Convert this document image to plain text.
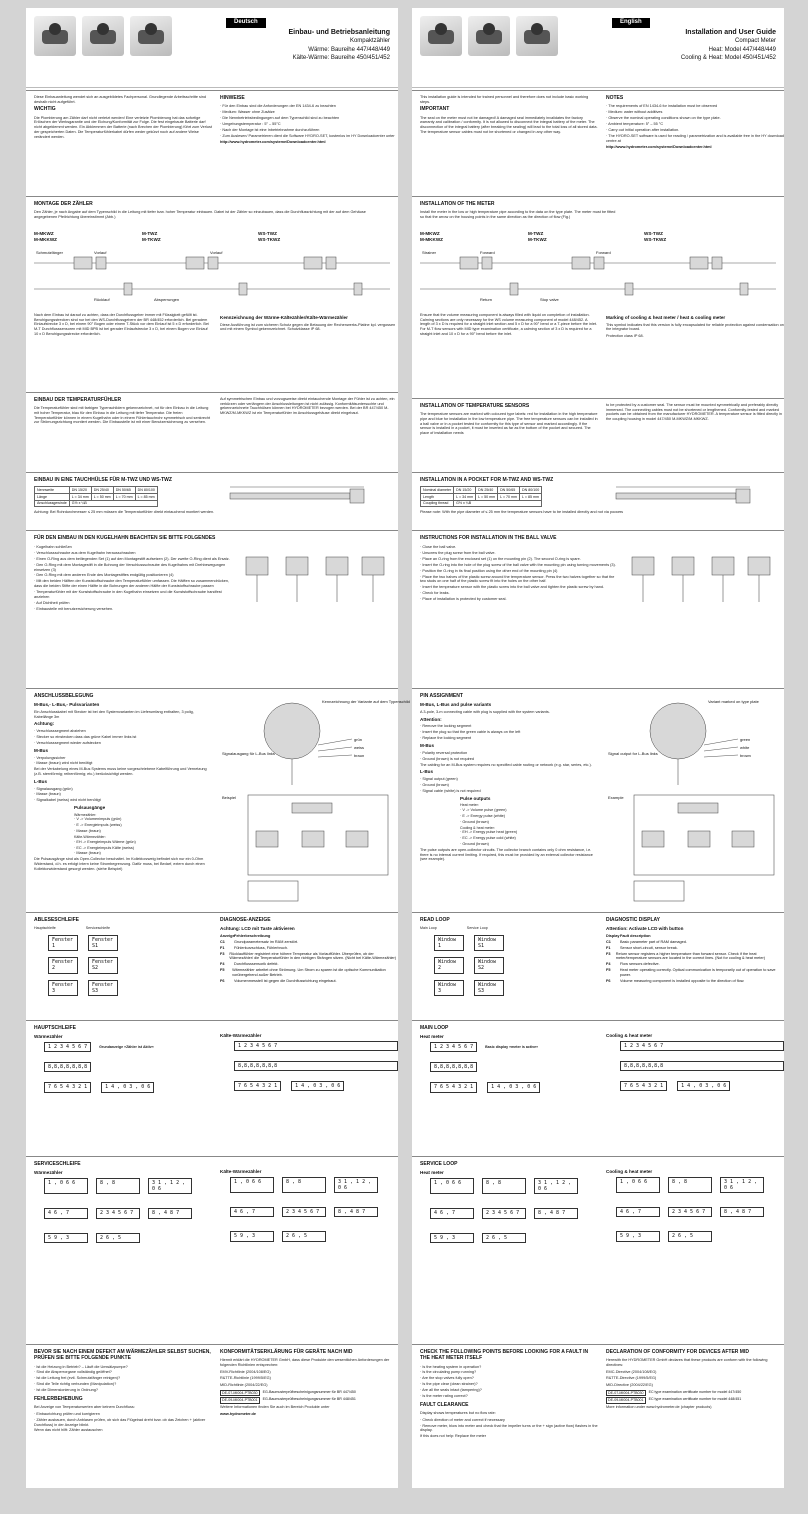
Deutsch
Einbau- und Betriebsanleitung
Kompaktzähler
Wärme: Baureihe 447/448/449
Kälte-Wärme: Baureihe 450/451/452
Diese Einbauanleitung wendet sich an ausgebildetes Fachpersonal. Grundlegende Arbeitsschritte sind deshalb nicht aufgeführt.
WICHTIG
Die Plombierung am Zähler darf nicht verletzt werden! Eine verletzte Plombierung hat das sofortige Erlöschen der Werksgarantie und der Eichung/Konformität zur Folge. Die fest eingebaute Batterie darf nicht abgeklemmt werden. Ein Abklemmen der Batterie (nach Brechen der Plombierung) führt zum Verlust der gespeicherten Daten. Die Temperaturfühlerkabel dürfen weder gekürzt noch auf andere Weise verändert werden.
HINWEISE
· Für den Einbau sind die Anforderungen der EN 1434-6 zu beachten
· Medium: Wasser ohne Zusätze
· Die Nennbetriebsbedingungen auf dem Typenschild sind zu beachten
· Umgebungstemperatur : 5° – 55°C
· Nach der Montage ist eine Inbetriebnahme durchzuführen
· Zum Auslesen/ Parametrieren dient die Software HYDRO-SET, kostenlos im HY Downloadcenter unter
http://www.hydrometer.com/systeme/Downloadcenter.html
MONTAGE DER ZÄHLER
Den Zähler, je nach Angabe auf dem Typenschild in die Leitung mit tiefer bzw. hoher Temperatur einbauen. Dabei ist der Zähler so einzubauen, dass die Durchflussrichtung mit der auf dem Gehäuse angegebenen Pfeilrichtung übereinstimmt (Abb.)
M-MKWZ
M-MKKWZ
M-TWZ
M-TKWZ
WS-TWZ
WS-TKWZ
Vorlauf	Vorlauf
Rücklauf	Absperrungen
Schmutzfänger
Nach dem Einbau ist darauf zu achten, dass der Durchflussgeber immer mit Flüssigkeit gefüllt ist. Beruhigungsstrecken sind nur bei den WS-Durchflussgebern der BR 448/452 erforderlich. Bei geradem Einlaufstrecke 3 x D, bei einem 90° Bogen oder einem T-Stück vor dem Einlauf ist 5 x D erforderlich. Bei M-T Durchflusssensoren mit MID BPB ist bei gerader Einlaufstrecke 3 x D, bei einem Bogen vor Einlauf 10 x D Beruhigungsstrecke erforderlich.
Kennzeichnung der Wärme-Kältezähler/Kälte-Wärmezähler
Diese Ausführung ist zum sicheren Schutz gegen die Betauung der Rechenwerks-Platine kpl. vergossen und mit einem Symbol gekennzeichnet. Schutzklasse IP 68.
EINBAU DER TEMPERATURFÜHLER
Die Temperaturfühler sind mit farbigen Typenschildern gekennzeichnet, rot für den Einbau in die Leitung mit hoher Temperatur, blau für den Einbau in die Leitung mit tiefer Temperatur. Die freien Temperaturfühler können in einem Kugelhahn oder in einem Fühlertauchrohr symmetrisch und senkrecht zur Strömungsrichtung montiert werden. Die Einbaustelle ist mit einer Benutzersicherung zu versehen.
Auf symmetrischen Einbau und vorzugsweise direkt eintauchende Montage der Fühler ist zu achten, ein verkürzen oder verlängern der Anschlussleitungen ist nicht zulässig. Konformitätsuntersuchte und gekennzeichnete Tauchhülsen können bei HYDROMETER bezogen werden. Bei der BR 447/450 M-MKWZ/M-MKKWZ ist ein Temperaturfühler im Anschlussgehäuse direkt eingebaut.
EINBAU IN EINE TAUCHHÜLSE FÜR M-TWZ UND WS-TWZ
Nennweite	DN 15/20	DN 25/40	DN 50/65	DN 80/100
Länge	L = 34 mm	L = 50 mm	L = 70 mm	L = 85 mm
Anschlussgewinde	G½ x ¼B			
Achtung: Bei Rohrdurchmesser ≤ 25 mm müssen die Temperaturfühler direkt eintauchend montiert werden.
FÜR DEN EINBAU IN DEN KUGELHAHN BEACHTEN SIE BITTE FOLGENDES
· Kugelhahn schließen
· Verschlussschraube aus dem Kugelhahn herausschrauben
· Einen O-Ring aus dem beiliegenden Set (1) auf den Montagestift aufsetzen (2). Der zweite O-Ring dient als Ersatz.
· Den O-Ring mit dem Montagestift in die Bohrung der Verschlussschraube des Kugelhahns mit Drehbewegungen einsetzen (3)
· Den O-Ring mit dem anderen Ende des Montagestiftes endgültig positionieren (4)
· Mit den beiden Hälften der Kunststoffschraube den Temperaturfühler umfassen. Die Hälften so zusammendrücken, dass die beiden Stifte der einen Hälfte in die Bohrungen der anderen Hälfte der Kunststoffschraube passen
· Temperaturfühler mit der Kunststoffschraube in den Kugelhahn einsetzen und die Kunststoffschraube handfest anziehen
· Auf Dichtheit prüfen
· Einbaustelle mit benutzersicherung versehen.
ANSCHLUSSBELEGUNG
M-Bus,- L-Bus,- Pulsvarianten
Ein Anschlusskabel mit Stecker ist bei den Systemvarianten im Lieferumfang enthalten, 3 polig, Kabellänge 3m
Achtung:
· Verschlusssegment abziehen
· Stecker so einstecken dass das grüne Kabel immer links ist
· Verschlusssegment wieder aufstecken
M-Bus
· Verpolungssicher
· Masse (braun) wird nicht benötigt
Bei der Verkabelung eines M-Bus Systems muss keine vorgeschriebene Kabelführung und Vernetzung (z.B. sternförmig; reihenförmig; etc.) berücksichtigt werden.
L-Bus
· Signalausgang (grün)
· Masse (braun)
· Signalkabel (weiss) wird nicht benötigt
Pulsausgänge
Wärmezähler:
· V -> Volumenimpuls (grün)
· E -> Energieimpuls (weiss)
· Masse (braun)
Kälte-Wärmezähler:
· EH -> Energieimpuls Wärme (grün)
· EC -> Energieimpuls Kälte (weiss)
· Masse (braun)
Die Pulsausgänge sind als Open-Collector beschaltet. Im Kollektorzweig befindet sich nur ein 0-Ohm Widerstand, d.h. es erfolgt intern keine Strombegrenzung. Dafür muss, bei Bedarf, extern durch einen Kollektorwiderstand gesorgt werden. (siehe Beispiel)
grün
weiss
braun
Signalausgang für L-Bus links
Kennzeichnung der Variante auf dem Typenschild
Beispiel
ABLESESCHLEIFE
Hauptschleife	Serviceschleife
Fenster 1
Fenster S1
Fenster 2
Fenster S2
Fenster 3
Fenster S3
DIAGNOSE-ANZEIGE
Achtung: LCD mit Taste aktivieren
Anzeige Fehlerbeschreibung
C1	Grundparametersatz im RAM zerstört.
F1	Fühlerkurzschluss, Fühlerbruch.
F3 Rücklauffühler registriert eine höhere Temperatur als Vorlauffühler. Überprüfen, ob der Wärmezähler/ die Temperaturfühler in den richtigen Strängen sitzen. (Nicht bei Kälte-Wärmezähler)
F4	Durchflusssensorik defekt.
F5	Wärmezähler arbeitet ohne Strömung. Um Strom zu sparen ist die optische Kommunikation vorübergehend außer Betrieb.
F6	Volumenmesstell ist gegen die Durchflussrichtung eingebaut.
HAUPTSCHLEIFE
Wärmezähler
1 2 3 4 5 6 7	Grundanzeige »Zähler ist Aktiv«
8,8,8,8,8,8,8
7 6 5 4 3 2 1	1 4 , 0 3 , 0 6
Kälte-Wärmezähler
1 2 3 4 5 6 7
8,8,8,8,8,8,8
7 6 5 4 3 2 1	1 4 , 0 3 , 0 6
SERVICESCHLEIFE
Wärmezähler
1 , 0 6 6	8 , 8	3 1 , 1 2 , 0 6
4 6 , 7	2 3 4 5 6 7	8 , 4 8 7
5 9 , 3	2 6 , 5
Kälte-Wärmezähler
1 , 0 6 6	8 , 8	3 1 , 1 2 , 0 6
4 6 , 7	2 3 4 5 6 7	8 , 4 8 7
5 9 , 3	2 6 , 5
BEVOR SIE NACH EINEM DEFEKT AM WÄRMEZÄHLER SELBST SUCHEN, PRÜFEN SIE BITTE FOLGENDE PUNKTE
· Ist die Heizung in Betrieb? – Läuft die Umwälzpumpe?
· Sind die Absperrorgane vollständig geöffnet?
· Ist die Leitung frei (evtl. Schmutzfänger reinigen)?
· Sind die Teile richtig verbunden (Manipulation)?
· Ist die Dimensionierung in Ordnung?
FEHLERBEHEBUNG
Bei Anzeige von Temperaturwerten aber keinem Durchfluss:
· Einbaurichtung prüfen und korrigieren
· Zähler ausbauen, durch Anblasen prüfen, ob sich das Flügelrad dreht bzw. ob das Zeichen + (aktiver Durchfluss) in der Anzeige blinkt.
Wenn das nicht hilft: Zähler austauschen
KONFORMITÄTSERKLÄRUNG FÜR GERÄTE NACH MID
Hiermit erklärt die HYDROMETER GmbH, dass diese Produkte den wesentlichen Anforderungen der folgenden Richtlinien entsprechen:
EMV-Richtlinie (2004/108/EG)
R&TTE-Richtlinie (1999/5/EG)
MID-Richtlinie (2004/22/EG)
DE-07-MI004-PTB030	EG-Baumusterprüfbescheinigungsnummer für BR 447/450
DE-09-MI004-PTB001	EG-Baumusterprüfbescheinigungsnummer für BR 448/451
Weitere Informationen finden Sie auch im Bereich Produkte unter
www.hydrometer.de
English
Installation and User Guide
Compact Meter
Heat: Model 447/448/449
Cooling & Heat: Model 450/451/452
This installation guide is intended for trained personnel and therefore does not include basic working steps.
IMPORTANT
The seal on the meter must not be damaged! A damaged seal immediately invalidates the factory warranty and calibration / conformity. It is not allowed to disconnect the integral battery of the meter. The disconnection of the integral battery (after breaking the sealing) will lead to the total loss of all stored data. The temperature sensor cables must not be shortened or changed in any other way.
NOTES
· The requirements of EN 1434-6 for installation must be observed
· Medium: water without additives
· Observe the nominal operating conditions shown on the type plate.
· Ambient temperature: 5° – 55 °C
· Carry out initial operation after installation.
· The HYDRO-SET software is used for reading / parametrization and is available free in the HY download centre at
http://www.hydrometer.com/systeme/Downloadcenter.html
INSTALLATION OF THE METER
Install the meter in the low or high temperature pipe according to the data on the type plate. The meter must be fitted so that the arrow on the housing points in the same direction as the direction of flow (Fig.)
M-MKWZ
M-MKKWZ
M-TWZ
M-TKWZ
WS-TWZ
WS-TKWZ
Forward	Forward
Return	Stop valve
Strainer
Ensure that the volume measuring component is always filled with liquid on completion of installation. Calming sections are only necessary for the WS volume measuring component of model 448/452. A length of 3 x D is required for a straight inlet section and 5 x D for a 90° bend or a T-piece before the inlet. For M-T flow sensors with MID type examination certificate, a calming section of 3 x D is required for a straight inlet and 10 x D for a 90° bend before the inlet.
Marking of cooling & heat meter / heat & cooling meter
This symbol indicates that this version is fully encapsulated for reliable protection against condensation on the integrator board.
Protection class IP 68.
INSTALLATION OF TEMPERATURE SENSORS
The temperature sensors are marked with coloured type labels: red for installation in the high temperature pipe and blue for installation in the low temperature pipe. The free temperature sensors can be installed in a ball valve or in a pocket tested for conformity for this type of sensor and marked accordingly. If the sensor is installed in a pocket, it must be inserted as far as the bottom of the pocket and secured. The place of installation needs
to be protected by a customer seal. The sensor must be mounted symmetrically and preferably directly immersed. The connecting cables must not be shortened or lengthened. Conformity-tested and marked pockets can be obtained from the manufacturer HYDROMETER. A temperature sensor is fitted directly in the coupling housing in model 447/450 M-MKWZ/M-MKKWZ.
INSTALLATION IN A POCKET FOR M-TWZ AND WS-TWZ
Nominal diameter	DN 15/20	DN 25/40	DN 50/65	DN 80/100
Length	L = 34 mm	L = 50 mm	L = 70 mm	L = 85 mm
Coupling thread	G½ x ¼B			
Please note: With the pipe diameter of ≤ 25 mm the temperature sensors have to be installed directly and not via pockets
INSTRUCTIONS FOR INSTALLATION IN THE BALL VALVE
· Close the ball valve.
· Unscrew the plug screw from the ball valve.
· Place an O-ring from the enclosed set (1) on the mounting pin (2). The second O-ring is spare.
· Insert the O-ring into the hole of the plug screw of the ball valve with the mounting pin using turning movements (3).
· Position the O-ring in its final position using the other end of the mounting pin (4)
· Place the two halves of the plastic screw around the temperature sensor. Press the two halves together so that the two studs on one half of the plastic screw fit into the holes on the other half.
· Insert the temperature sensor with the plastic screw into the ball valve and tighten the plastic screw by hand.
· Check for leaks.
· Place of installation is protected by customer seal.
PIN ASSIGNMENT
M-Bus, L-Bus and pulse variants
A 3-pole, 3-m connecting cable with plug is supplied with the system variants.
Attention:
· Remove the locking segment
· Insert the plug so that the green cable is always on the left
· Replace the locking segment
M-Bus
· Polarity reversal protection
· Ground (brown) is not required
The cabling for an M-Bus system requires no specified cable routing or network (e.g. star, series, etc.).
L-Bus
· Signal output (green)
· Ground (brown)
· Signal cable (white) is not required
Pulse outputs
Heat meter:
· V -> Volume pulse (green)
· E -> Energy pulse (white)
· Ground (brown)
Cooling & heat meter:
· EH -> Energy pulse heat (green)
· EC -> Energy pulse cold (white)
· Ground (brown)
The pulse outputs are open-collector circuits. The collector branch contains only 0 ohm resistance, i.e. there is no internal current limiting. If required, this must be provided by an external collector resistance (see example).
green
white
brown
Signal output for L-Bus links
Variant marked on type plate
Example
READ LOOP
Main Loop	Service Loop
Window 1
Window S1
Window 2
Window S2
Window 3
Window S3
DIAGNOSTIC DISPLAY
Attention: Activate LCD with button
Display Fault description
C1	Basic parameter part of RAM damaged.
F1	Sensor short-circuit, sensor break.
F3	Return sensor registers a higher temperature than forward sensor. Check if the heat meter/temperature sensors are located in the correct lines. (Not for cooling & heat meter)
F4	Flow sensors defective.
F5	Heat meter operating correctly. Optical communication is temporarily out of operation to save power.
F6	Volume measuring component is installed opposite to the direction of flow.
MAIN LOOP
Heat meter
1 2 3 4 5 6 7	Basic display »meter is active«
8,8,8,8,8,8,8
7 6 5 4 3 2 1	1 4 , 0 3 , 0 6
Cooling & heat meter
1 2 3 4 5 6 7
8,8,8,8,8,8,8
7 6 5 4 3 2 1	1 4 , 0 3 , 0 6
SERVICE LOOP
Heat meter
1 , 0 6 6	8 , 8	3 1 , 1 2 , 0 6
4 6 , 7	2 3 4 5 6 7	8 , 4 8 7
5 9 , 3	2 6 , 5
Cooling & heat meter
1 , 0 6 6	8 , 8	3 1 , 1 2 , 0 6
4 6 , 7	2 3 4 5 6 7	8 , 4 8 7
5 9 , 3	2 6 , 5
CHECK THE FOLLOWING POINTS BEFORE LOOKING FOR A FAULT IN THE HEAT METER ITSELF
· Is the heating system in operation?
· Is the circulating pump running?
· Are the stop valves fully open?
· Is the pipe clear (clean strainer)?
· Are all the seals intact (tampering)?
· Is the meter rating correct?
FAULT CLEARANCE
Display shows temperatures but no flow rate:
· Check direction of meter and correct if necessary
· Remove meter, blow into meter and check that the impeller turns or the + sign (active flow) flashes in the display.
If this does not help: Replace the meter
DECLARATION OF CONFORMITY FOR DEVICES AFTER MID
Herewith the HYDROMETER GmbH declares that these products are conform with the following directives:
EMC-Directive (2004/108/EG)
R&TTE-Directive (1999/5/EG)
MID-Directive (2004/22/EG)
DE-07-MI004-PTB030	EC type examination certificate number for model 447/450
DE-09-MI004-PTB001	EC type examination certificate number for model 448/451
More information under www.hydrometer.de (chapter products)
